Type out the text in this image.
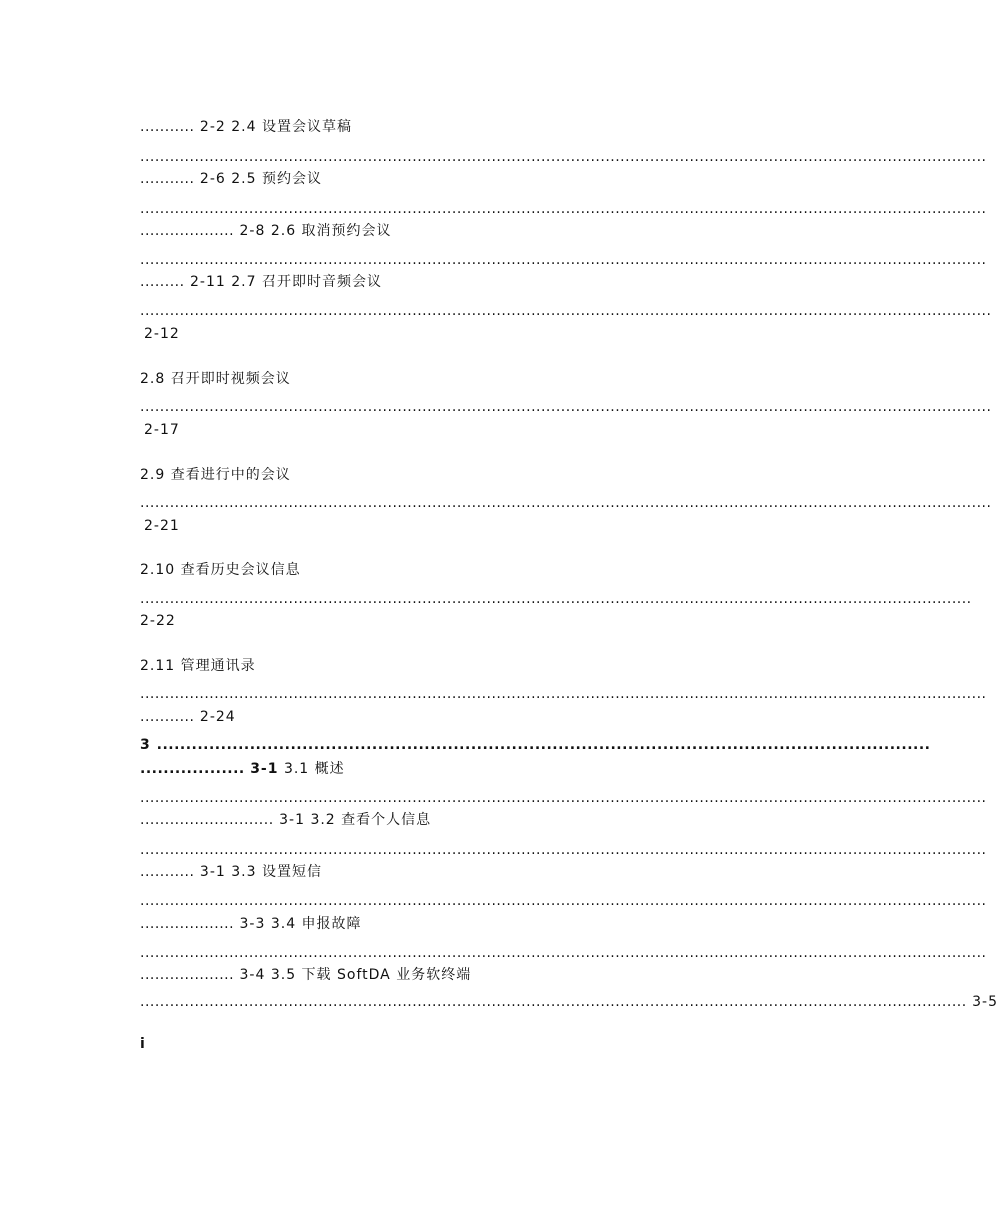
........... 2-2 2.4 设置会议草稿
...........................................................................................................................................................................
........... 2-6 2.5 预约会议
...........................................................................................................................................................................
................... 2-8 2.6 取消预约会议
...........................................................................................................................................................................
......... 2-11 2.7 召开即时音频会议
............................................................................................................................................................................
2-12
2.8 召开即时视频会议
............................................................................................................................................................................
2-17
2.9 查看进行中的会议
............................................................................................................................................................................
2-21
2.10 查看历史会议信息
........................................................................................................................................................................
2-22
2.11 管理通讯录
...........................................................................................................................................................................
........... 2-24
3 .....................................................................................................................................
.................. 3-1 3.1 概述
...........................................................................................................................................................................
........................... 3-1 3.2 查看个人信息
...........................................................................................................................................................................
........... 3-1 3.3 设置短信
...........................................................................................................................................................................
................... 3-3 3.4 申报故障
...........................................................................................................................................................................
................... 3-4 3.5 下载 SoftDA 业务软终端
....................................................................................................................................................................... 3-5
i
